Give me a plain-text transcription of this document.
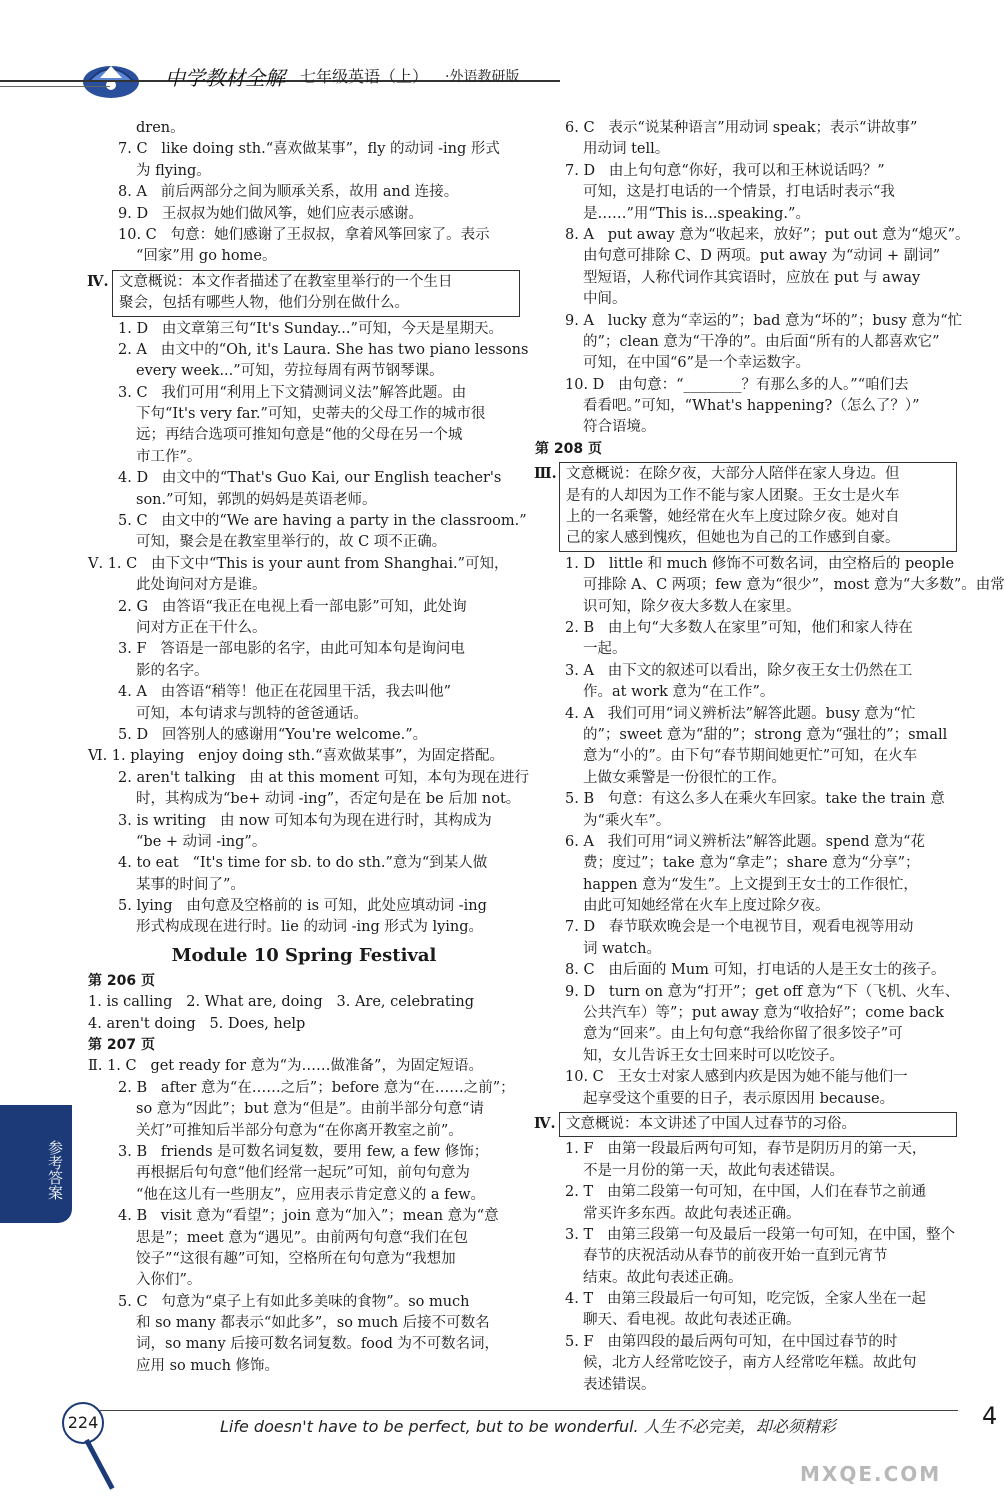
中学教材全解 七年级英语（上） ·外语教研版
dren。
7. C   like doing sth.“喜欢做某事”，fly 的动词 -ing 形式
为 flying。
8. A   前后两部分之间为顺承关系，故用 and 连接。
9. D   王叔叔为她们做风筝，她们应表示感谢。
10. C   句意：她们感谢了王叔叔，拿着风筝回家了。表示
“回家”用 go home。
Ⅳ. 文意概说：本文作者描述了在教室里举行的一个生日
聚会，包括有哪些人物，他们分别在做什么。
1. D   由文章第三句“It's Sunday...”可知，今天是星期天。
2. A   由文中的“Oh, it's Laura. She has two piano lessons
every week...”可知，劳拉每周有两节钢琴课。
3. C   我们可用“利用上下文猜测词义法”解答此题。由
下句“It's very far.”可知，史蒂夫的父母工作的城市很
远；再结合选项可推知句意是“他的父母在另一个城
市工作”。
4. D   由文中的“That's Guo Kai, our English teacher's
son.”可知，郭凯的妈妈是英语老师。
5. C   由文中的“We are having a party in the classroom.”
可知，聚会是在教室里举行的，故 C 项不正确。
Ⅴ. 1. C   由下文中“This is your aunt from Shanghai.”可知，
此处询问对方是谁。
2. G   由答语“我正在电视上看一部电影”可知，此处询
问对方正在干什么。
3. F   答语是一部电影的名字，由此可知本句是询问电
影的名字。
4. A   由答语“稍等！他正在花园里干活，我去叫他”
可知，本句请求与凯特的爸爸通话。
5. D   回答别人的感谢用“You're welcome.”。
Ⅵ. 1. playing   enjoy doing sth.“喜欢做某事”，为固定搭配。
2. aren't talking   由 at this moment 可知，本句为现在进行
时，其构成为“be+ 动词 -ing”，否定句是在 be 后加 not。
3. is writing   由 now 可知本句为现在进行时，其构成为
“be + 动词 -ing”。
4. to eat   “It's time for sb. to do sth.”意为“到某人做
某事的时间了”。
5. lying   由句意及空格前的 is 可知，此处应填动词 -ing
形式构成现在进行时。lie 的动词 -ing 形式为 lying。
Module 10 Spring Festival
第 206 页
1. is calling   2. What are, doing   3. Are, celebrating
4. aren't doing   5. Does, help
第 207 页
Ⅱ. 1. C   get ready for 意为“为……做准备”，为固定短语。
2. B   after 意为“在……之后”；before 意为“在……之前”；
so 意为“因此”；but 意为“但是”。由前半部分句意“请
关灯”可推知后半部分句意为“在你离开教室之前”。
3. B   friends 是可数名词复数，要用 few, a few 修饰；
再根据后句句意“他们经常一起玩”可知，前句句意为
“他在这儿有一些朋友”，应用表示肯定意义的 a few。
4. B   visit 意为“看望”；join 意为“加入”；mean 意为“意
思是”；meet 意为“遇见”。由前两句句意“我们在包
饺子”“这很有趣”可知，空格所在句句意为“我想加
入你们”。
5. C   句意为“桌子上有如此多美味的食物”。so much
和 so many 都表示“如此多”，so much 后接不可数名
词，so many 后接可数名词复数。food 为不可数名词，
应用 so much 修饰。
6. C   表示“说某种语言”用动词 speak；表示“讲故事”
用动词 tell。
7. D   由上句句意“你好，我可以和王林说话吗？”
可知，这是打电话的一个情景，打电话时表示“我
是……”用“This is...speaking.”。
8. A   put away 意为“收起来，放好”；put out 意为“熄灭”。
由句意可排除 C、D 两项。put away 为“动词 + 副词”
型短语，人称代词作其宾语时，应放在 put 与 away
中间。
9. A   lucky 意为“幸运的”；bad 意为“坏的”；busy 意为“忙
的”；clean 意为“干净的”。由后面“所有的人都喜欢它”
可知，在中国“6”是一个幸运数字。
10. D   由句意：“________？有那么多的人。”“咱们去
看看吧。”可知，“What's happening?（怎么了？）”
符合语境。
第 208 页
Ⅲ. 文意概说：在除夕夜，大部分人陪伴在家人身边。但
是有的人却因为工作不能与家人团聚。王女士是火车
上的一名乘警，她经常在火车上度过除夕夜。她对自
己的家人感到愧疚，但她也为自己的工作感到自豪。
1. D   little 和 much 修饰不可数名词，由空格后的 people
可排除 A、C 两项；few 意为“很少”，most 意为“大多数”。由常
识可知，除夕夜大多数人在家里。
2. B   由上句“大多数人在家里”可知，他们和家人待在
一起。
3. A   由下文的叙述可以看出，除夕夜王女士仍然在工
作。at work 意为“在工作”。
4. A   我们可用“词义辨析法”解答此题。busy 意为“忙
的”；sweet 意为“甜的”；strong 意为“强壮的”；small
意为“小的”。由下句“春节期间她更忙”可知，在火车
上做女乘警是一份很忙的工作。
5. B   句意：有这么多人在乘火车回家。take the train 意
为“乘火车”。
6. A   我们可用“词义辨析法”解答此题。spend 意为“花
费；度过”；take 意为“拿走”；share 意为“分享”；
happen 意为“发生”。上文提到王女士的工作很忙，
由此可知她经常在火车上度过除夕夜。
7. D   春节联欢晚会是一个电视节目，观看电视等用动
词 watch。
8. C   由后面的 Mum 可知，打电话的人是王女士的孩子。
9. D   turn on 意为“打开”；get off 意为“下（飞机、火车、
公共汽车）等”；put away 意为“收拾好”；come back
意为“回来”。由上句句意“我给你留了很多饺子”可
知，女儿告诉王女士回来时可以吃饺子。
10. C   王女士对家人感到内疚是因为她不能与他们一
起享受这个重要的日子，表示原因用 because。
Ⅳ. 文意概说：本文讲述了中国人过春节的习俗。
1. F   由第一段最后两句可知，春节是阴历月的第一天，
不是一月份的第一天，故此句表述错误。
2. T   由第二段第一句可知，在中国，人们在春节之前通
常买许多东西。故此句表述正确。
3. T   由第三段第一句及最后一段第一句可知，在中国，整个
春节的庆祝活动从春节的前夜开始一直到元宵节
结束。故此句表述正确。
4. T   由第三段最后一句可知，吃完饭，全家人坐在一起
聊天、看电视。故此句表述正确。
5. F   由第四段的最后两句可知，在中国过春节的时
候，北方人经常吃饺子，南方人经常吃年糕。故此句
表述错误。
参考答案
224	Life doesn't have to be perfect, but to be wonderful. 人生不必完美，却必须精彩	4
MXQE.COM
